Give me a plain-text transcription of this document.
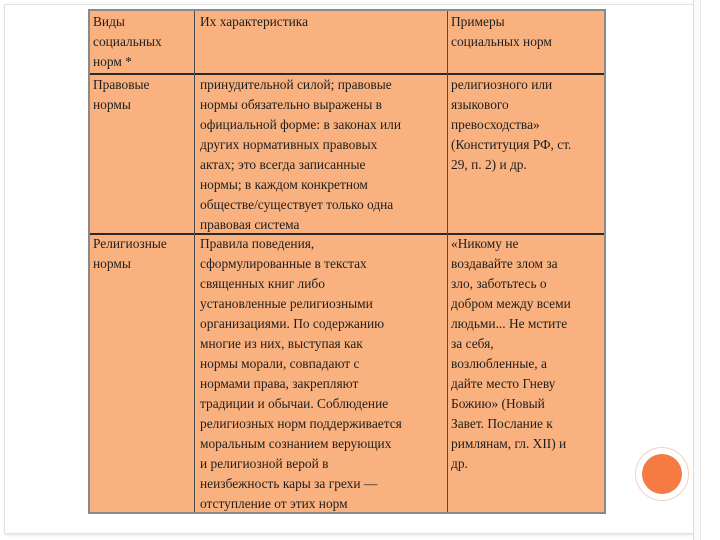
Виды
социальных
норм *
Их характеристика	Примеры
социальных норм
Правовые
нормы
принудительной силой; правовые
нормы обязательно выражены в
официальной форме: в законах или
других нормативных правовых
актах; это всегда записанные
нормы; в каждом конкретном
обществе/существует только одна
правовая система
религиозного или
языкового
превосходства»
(Конституция РФ, ст.
29, п. 2) и др.
Религиозные
нормы
Правила поведения,
сформулированные в текстах
священных книг либо
установленные религиозными
организациями. По содержанию
многие из них, выступая как
нормы морали, совпадают с
нормами права, закрепляют
традиции и обычаи. Соблюдение
религиозных норм поддерживается
моральным сознанием верующих
и религиозной верой в
неизбежность кары за грехи —
отступление от этих норм
«Никому не
воздавайте злом за
зло, заботьтесь о
добром между всеми
людьми... Не мстите
за себя,
возлюбленные, а
дайте место Гневу
Божию» (Новый
Завет. Послание к
римлянам, гл. XII) и
др.
